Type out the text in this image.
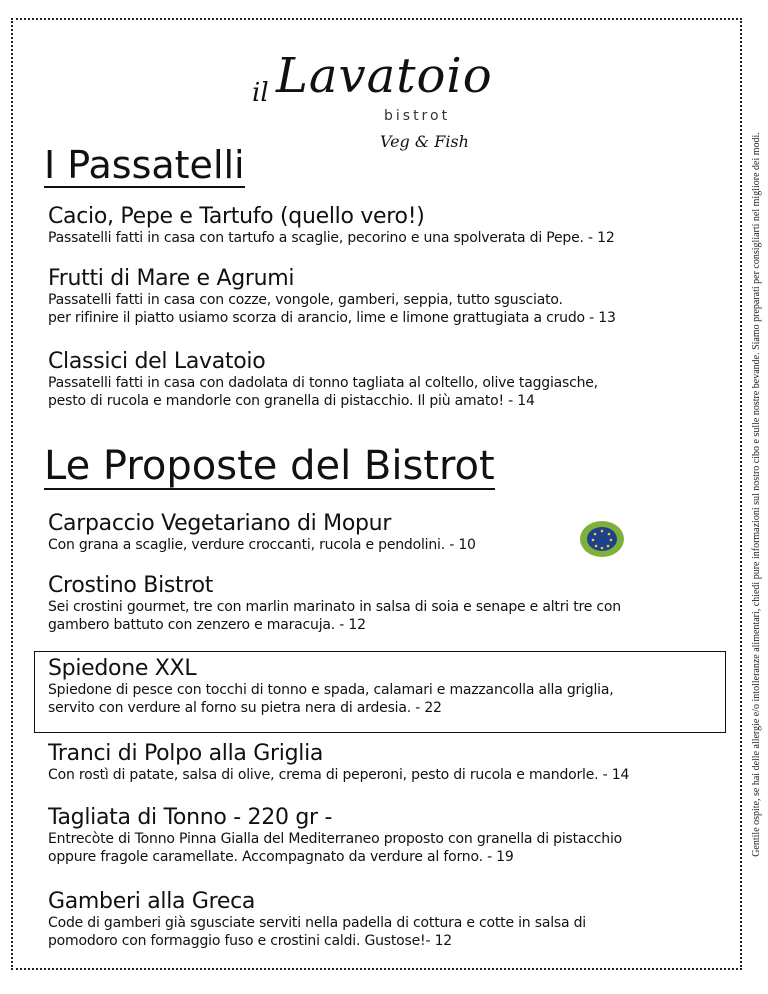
Gentile ospite, se hai delle allergie e/o intolleranze alimentari, chiedi pure informazioni sul nostro cibo e sulle nostre bevande. Siamo preparati per consigliarti nel migliore dei modi.
il Lavatoio
bistrot
Veg & Fish
I Passatelli
Cacio, Pepe e Tartufo (quello vero!)
Passatelli fatti in casa con tartufo a scaglie, pecorino e una spolverata di Pepe. - 12
Frutti di Mare e Agrumi
Passatelli fatti in casa con cozze, vongole, gamberi, seppia, tutto sgusciato.
per rifinire il piatto usiamo scorza di arancio, lime e limone grattugiata a crudo - 13
Classici del Lavatoio
Passatelli fatti in casa con dadolata di tonno tagliata al coltello, olive taggiasche,
pesto di rucola e mandorle con granella di pistacchio. Il più amato! - 14
Le Proposte del Bistrot
Carpaccio Vegetariano di Mopur
Con grana a scaglie, verdure croccanti, rucola e pendolini. - 10
Crostino Bistrot
Sei crostini gourmet, tre con marlin marinato in salsa di soia e senape e altri tre con
gambero battuto con zenzero e maracuja. - 12
Spiedone XXL
Spiedone di pesce con tocchi di tonno e spada, calamari e mazzancolla alla griglia,
servito con verdure al forno su pietra nera di ardesia. - 22
Tranci di Polpo alla Griglia
Con rostì di patate, salsa di olive, crema di peperoni, pesto di rucola e mandorle. - 14
Tagliata di Tonno - 220 gr -
Entrecòte di Tonno Pinna Gialla del Mediterraneo proposto con granella di pistacchio
oppure fragole caramellate. Accompagnato da verdure al forno. - 19
Gamberi alla Greca
Code di gamberi già sgusciate serviti nella padella di cottura e cotte in salsa di
pomodoro con formaggio fuso e crostini caldi. Gustose!- 12
